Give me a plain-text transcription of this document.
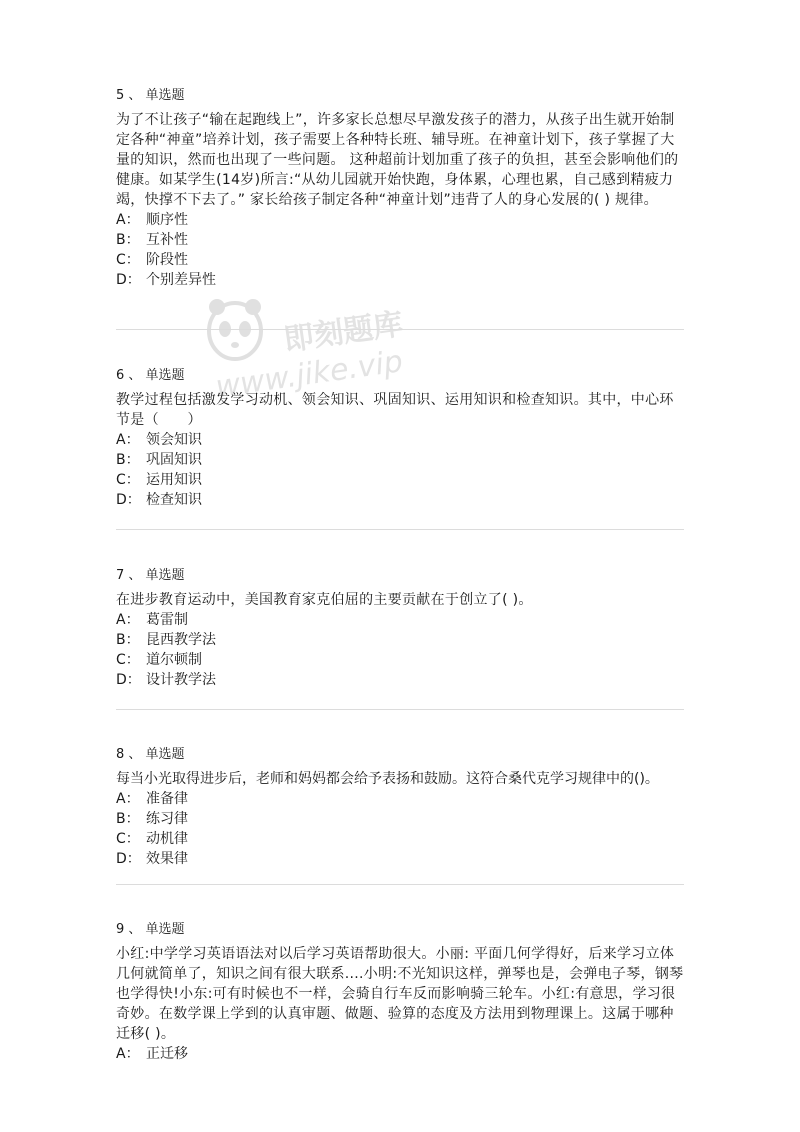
即刻题库
www.jike.vip
5 、 单选题

为了不让孩子“输在起跑线上”，许多家长总想尽早激发孩子的潜力，从孩子出生就开始制定各种“神童”培养计划，孩子需要上各种特长班、辅导班。在神童计划下，孩子掌握了大量的知识，然而也出现了一些问题。 这种超前计划加重了孩子的负担，甚至会影响他们的健康。如某学生(14岁)所言:“从幼儿园就开始快跑，身体累，心理也累，自己感到精疲力竭，快撑不下去了。” 家长给孩子制定各种“神童计划”违背了人的身心发展的( ) 规律。

A： 顺序性
B： 互补性
C： 阶段性
D： 个别差异性
6 、 单选题

教学过程包括激发学习动机、领会知识、巩固知识、运用知识和检查知识。其中，中心环节是（　　）

A： 领会知识
B： 巩固知识
C： 运用知识
D： 检查知识
7 、 单选题

在进步教育运动中，美国教育家克伯屈的主要贡献在于创立了( )。

A： 葛雷制
B： 昆西教学法
C： 道尔顿制
D： 设计教学法
8 、 单选题

每当小光取得进步后，老师和妈妈都会给予表扬和鼓励。这符合桑代克学习规律中的()。

A： 准备律
B： 练习律
C： 动机律
D： 效果律
9 、 单选题

小红:中学学习英语语法对以后学习英语帮助很大。小丽: 平面几何学得好，后来学习立体几何就简单了，知识之间有很大联系....小明:不光知识这样，弹琴也是，会弹电子琴，钢琴也学得快!小东:可有时候也不一样，会骑自行车反而影响骑三轮车。小红:有意思，学习很奇妙。在数学课上学到的认真审题、做题、验算的态度及方法用到物理课上。这属于哪种迁移( )。

A： 正迁移
